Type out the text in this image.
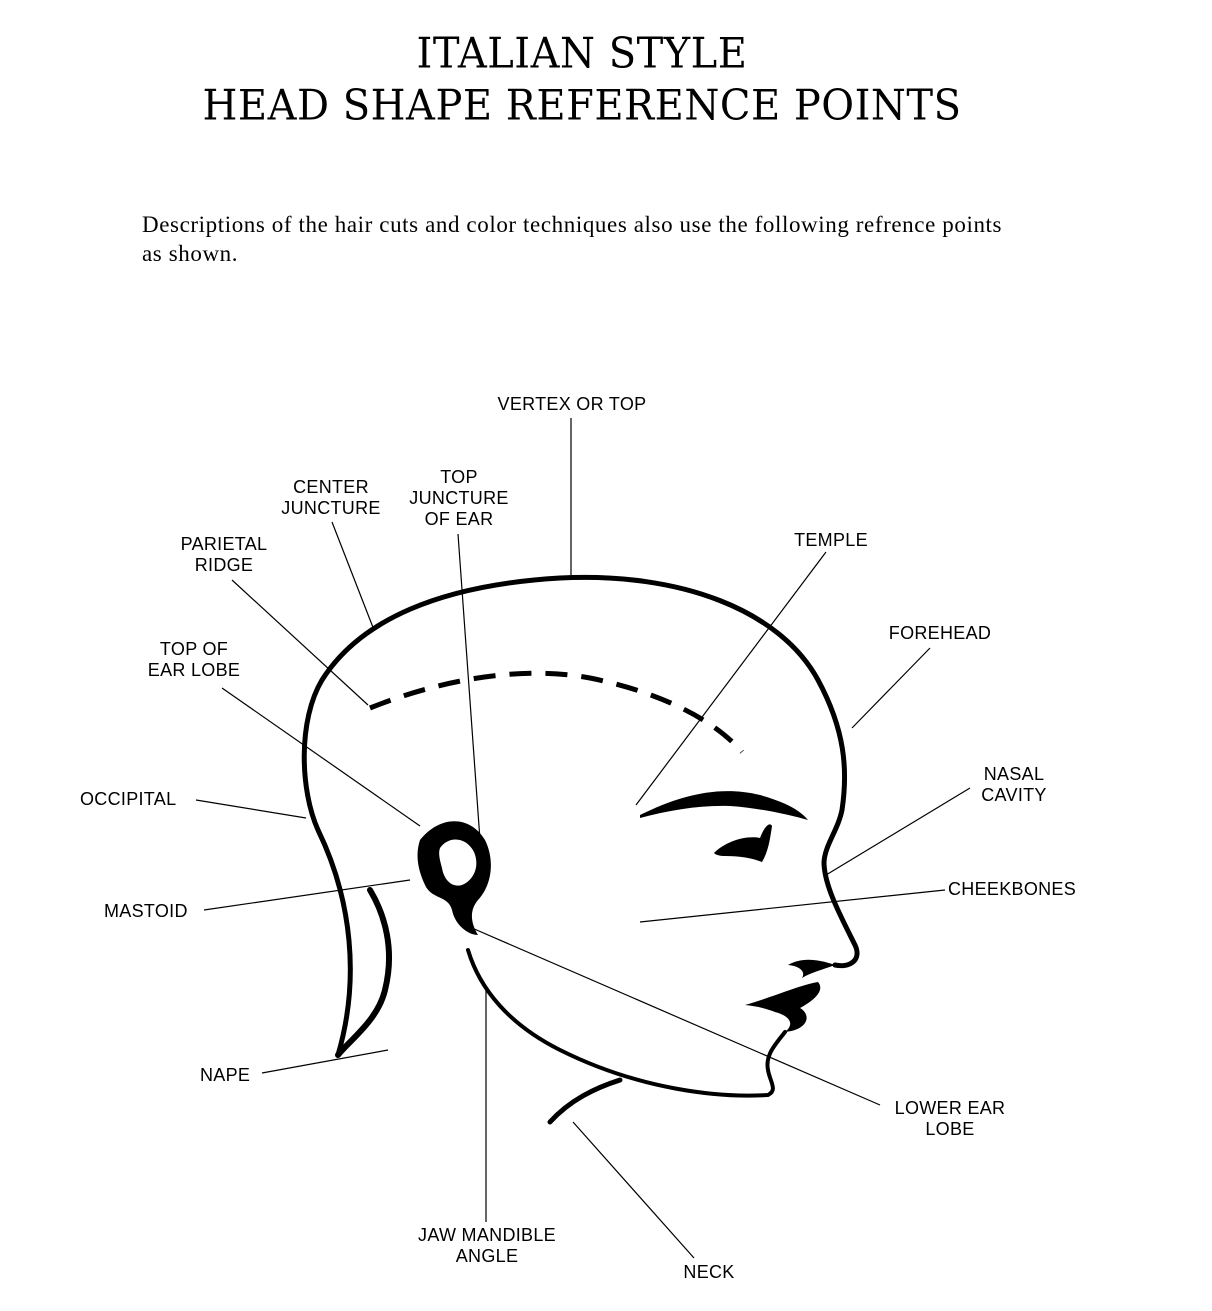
ITALIAN STYLE
HEAD SHAPE REFERENCE POINTS

Descriptions of the hair cuts and color techniques also use the following refrence points as shown.

VERTEX OR TOP
CENTER
JUNCTURE
TOP
JUNCTURE
OF EAR
PARIETAL
RIDGE
TEMPLE
FOREHEAD
TOP OF
EAR LOBE
OCCIPITAL
NASAL
CAVITY
CHEEKBONES
MASTOID
NAPE
LOWER EAR
LOBE
JAW MANDIBLE
ANGLE
NECK
